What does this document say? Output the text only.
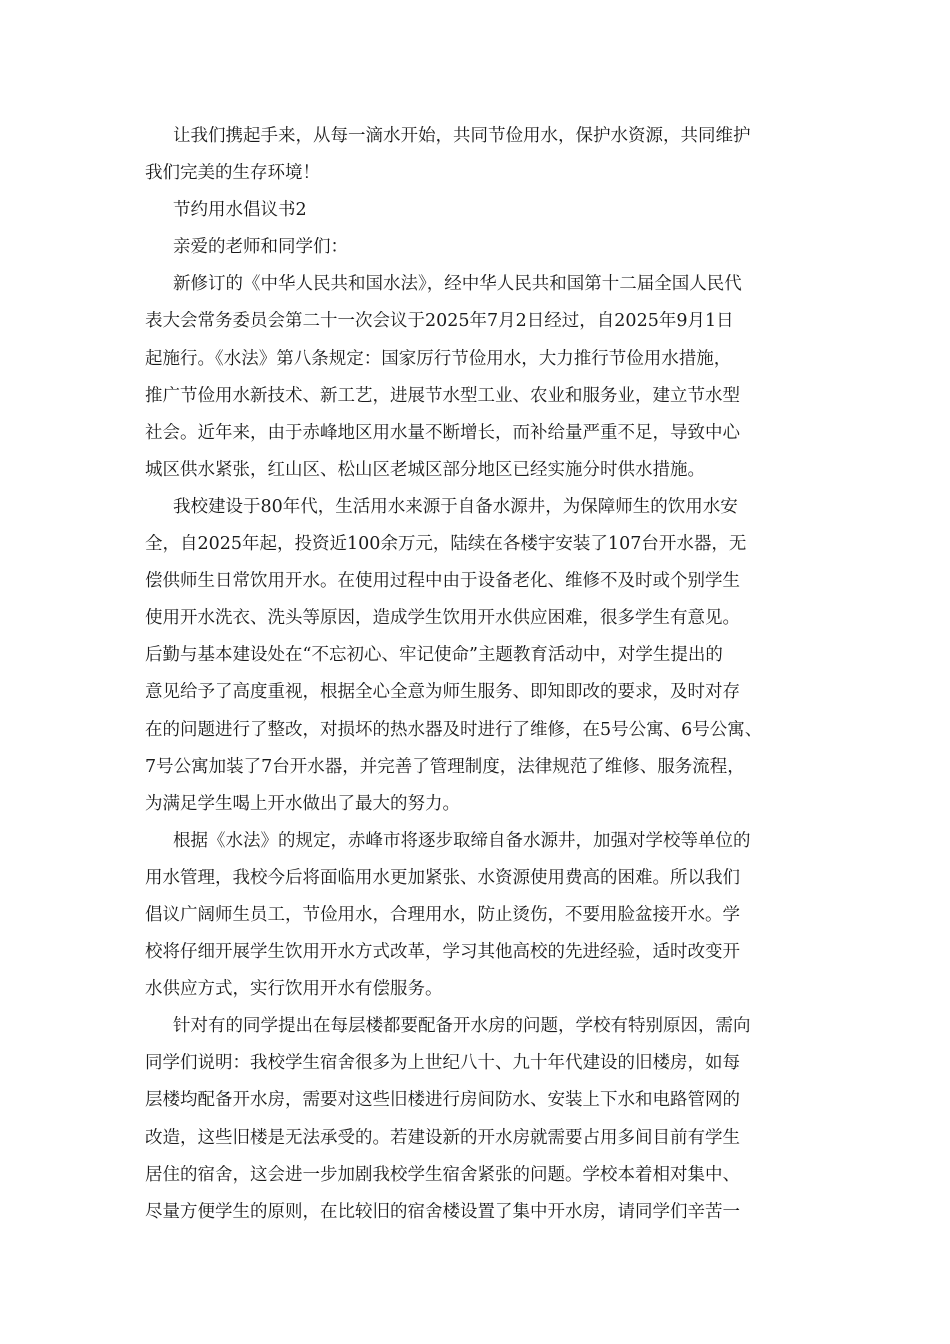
让我们携起手来，从每一滴水开始，共同节俭用水，保护水资源，共同维护
我们完美的生存环境！
节约用水倡议书2
亲爱的老师和同学们：
新修订的《中华人民共和国水法》，经中华人民共和国第十二届全国人民代
表大会常务委员会第二十一次会议于2025年7月2日经过，自2025年9月1日
起施行。《水法》第八条规定：国家厉行节俭用水，大力推行节俭用水措施，
推广节俭用水新技术、新工艺，进展节水型工业、农业和服务业，建立节水型
社会。近年来，由于赤峰地区用水量不断增长，而补给量严重不足，导致中心
城区供水紧张，红山区、松山区老城区部分地区已经实施分时供水措施。
我校建设于80年代，生活用水来源于自备水源井，为保障师生的饮用水安
全，自2025年起，投资近100余万元，陆续在各楼宇安装了107台开水器，无
偿供师生日常饮用开水。在使用过程中由于设备老化、维修不及时或个别学生
使用开水洗衣、洗头等原因，造成学生饮用开水供应困难，很多学生有意见。
后勤与基本建设处在“不忘初心、牢记使命”主题教育活动中，对学生提出的
意见给予了高度重视，根据全心全意为师生服务、即知即改的要求，及时对存
在的问题进行了整改，对损坏的热水器及时进行了维修，在5号公寓、6号公寓、
7号公寓加装了7台开水器，并完善了管理制度，法律规范了维修、服务流程，
为满足学生喝上开水做出了最大的努力。
根据《水法》的规定，赤峰市将逐步取缔自备水源井，加强对学校等单位的
用水管理，我校今后将面临用水更加紧张、水资源使用费高的困难。所以我们
倡议广阔师生员工，节俭用水，合理用水，防止烫伤，不要用脸盆接开水。学
校将仔细开展学生饮用开水方式改革，学习其他高校的先进经验，适时改变开
水供应方式，实行饮用开水有偿服务。
针对有的同学提出在每层楼都要配备开水房的问题，学校有特别原因，需向
同学们说明：我校学生宿舍很多为上世纪八十、九十年代建设的旧楼房，如每
层楼均配备开水房，需要对这些旧楼进行房间防水、安装上下水和电路管网的
改造，这些旧楼是无法承受的。若建设新的开水房就需要占用多间目前有学生
居住的宿舍，这会进一步加剧我校学生宿舍紧张的问题。学校本着相对集中、
尽量方便学生的原则，在比较旧的宿舍楼设置了集中开水房，请同学们辛苦一
